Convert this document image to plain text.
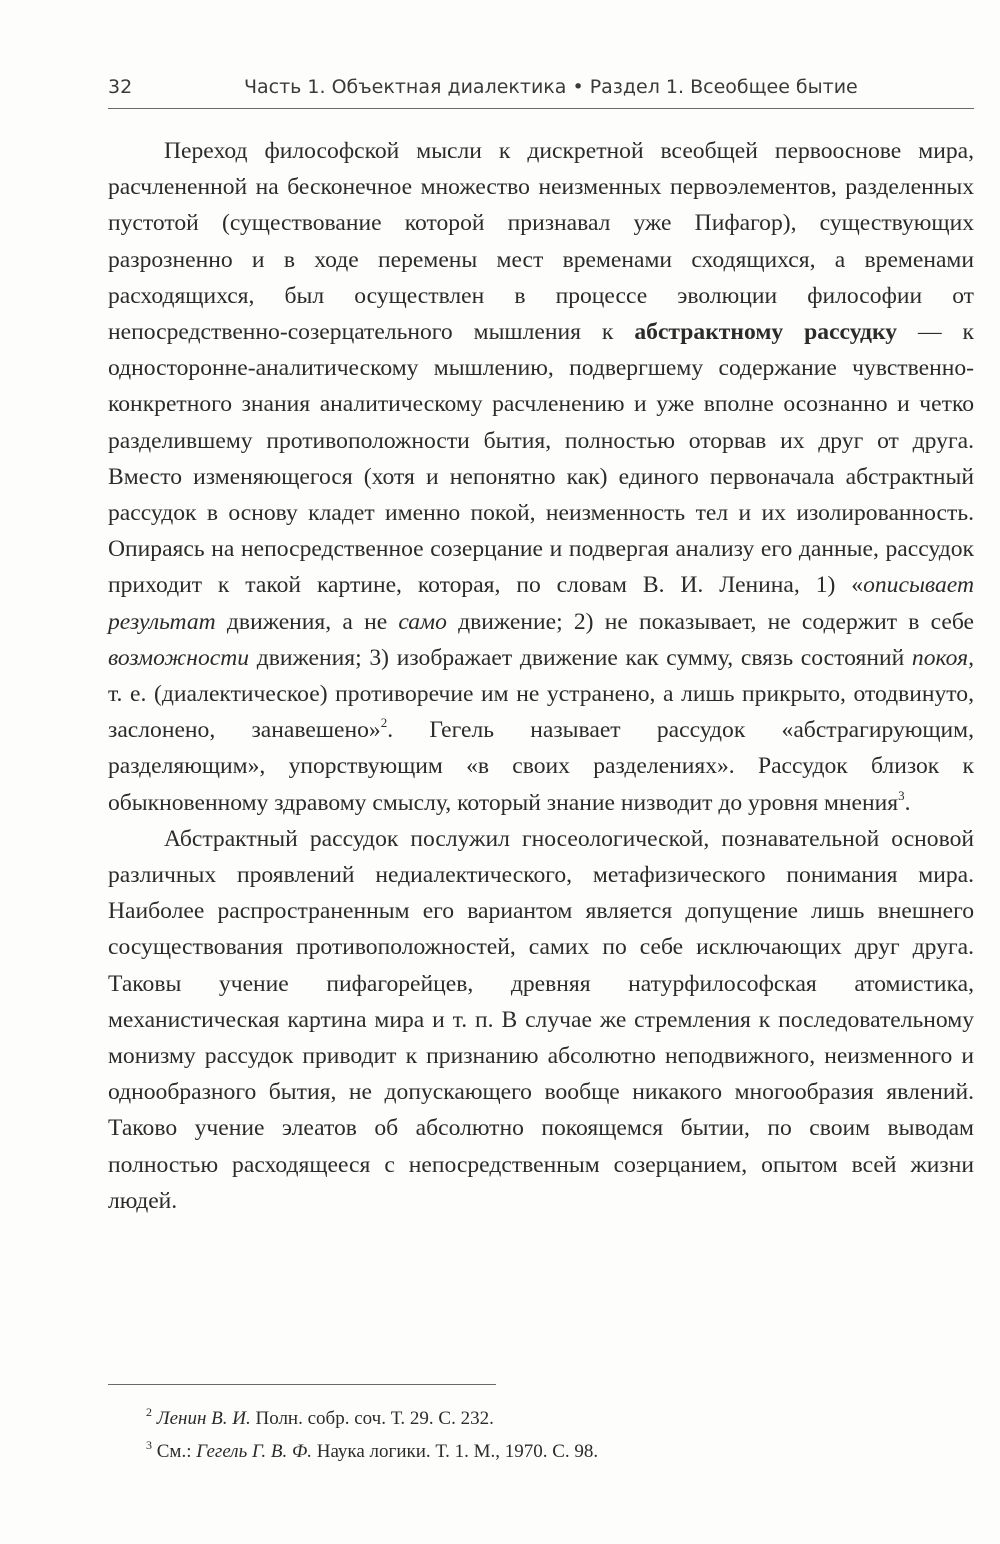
32	Часть 1. Объектная диалектика • Раздел 1. Всеобщее бытие

Переход философской мысли к дискретной всеобщей первооснове мира, расчлененной на бесконечное множество неизменных первоэлементов, разделенных пустотой (существование которой признавал уже Пифагор), существующих разрозненно и в ходе перемены мест временами сходящихся, а временами расходящихся, был осуществлен в процессе эволюции философии от непосредственно-созерцательного мышления к абстрактному рассудку — к односторонне-аналитическому мышлению, подвергшему содержание чувственно-конкретного знания аналитическому расчленению и уже вполне осознанно и четко разделившему противоположности бытия, полностью оторвав их друг от друга. Вместо изменяющегося (хотя и непонятно как) единого первоначала абстрактный рассудок в основу кладет именно покой, неизменность тел и их изолированность. Опираясь на непосредственное созерцание и подвергая анализу его данные, рассудок приходит к такой картине, которая, по словам В. И. Ленина, 1) «описывает результат движения, а не само движение; 2) не показывает, не содержит в себе возможности движения; 3) изображает движение как сумму, связь состояний покоя, т. е. (диалектическое) противоречие им не устранено, а лишь прикрыто, отодвинуто, заслонено, занавешено»$^2$. Гегель называет рассудок «абстрагирующим, разделяющим», упорствующим «в своих разделениях». Рассудок близок к обыкновенному здравому смыслу, который знание низводит до уровня мнения$^3$.

Абстрактный рассудок послужил гносеологической, познавательной основой различных проявлений недиалектического, метафизического понимания мира. Наиболее распространенным его вариантом является допущение лишь внешнего сосуществования противоположностей, самих по себе исключающих друг друга. Таковы учение пифагорейцев, древняя натурфилософская атомистика, механистическая картина мира и т. п. В случае же стремления к последовательному монизму рассудок приводит к признанию абсолютно неподвижного, неизменного и однообразного бытия, не допускающего вообще никакого многообразия явлений. Таково учение элеатов об абсолютно покоящемся бытии, по своим выводам полностью расходящееся с непосредственным созерцанием, опытом всей жизни людей.

$^2$ Ленин В. И. Полн. собр. соч. Т. 29. С. 232.
$^3$ См.: Гегель Г. В. Ф. Наука логики. Т. 1. М., 1970. С. 98.
